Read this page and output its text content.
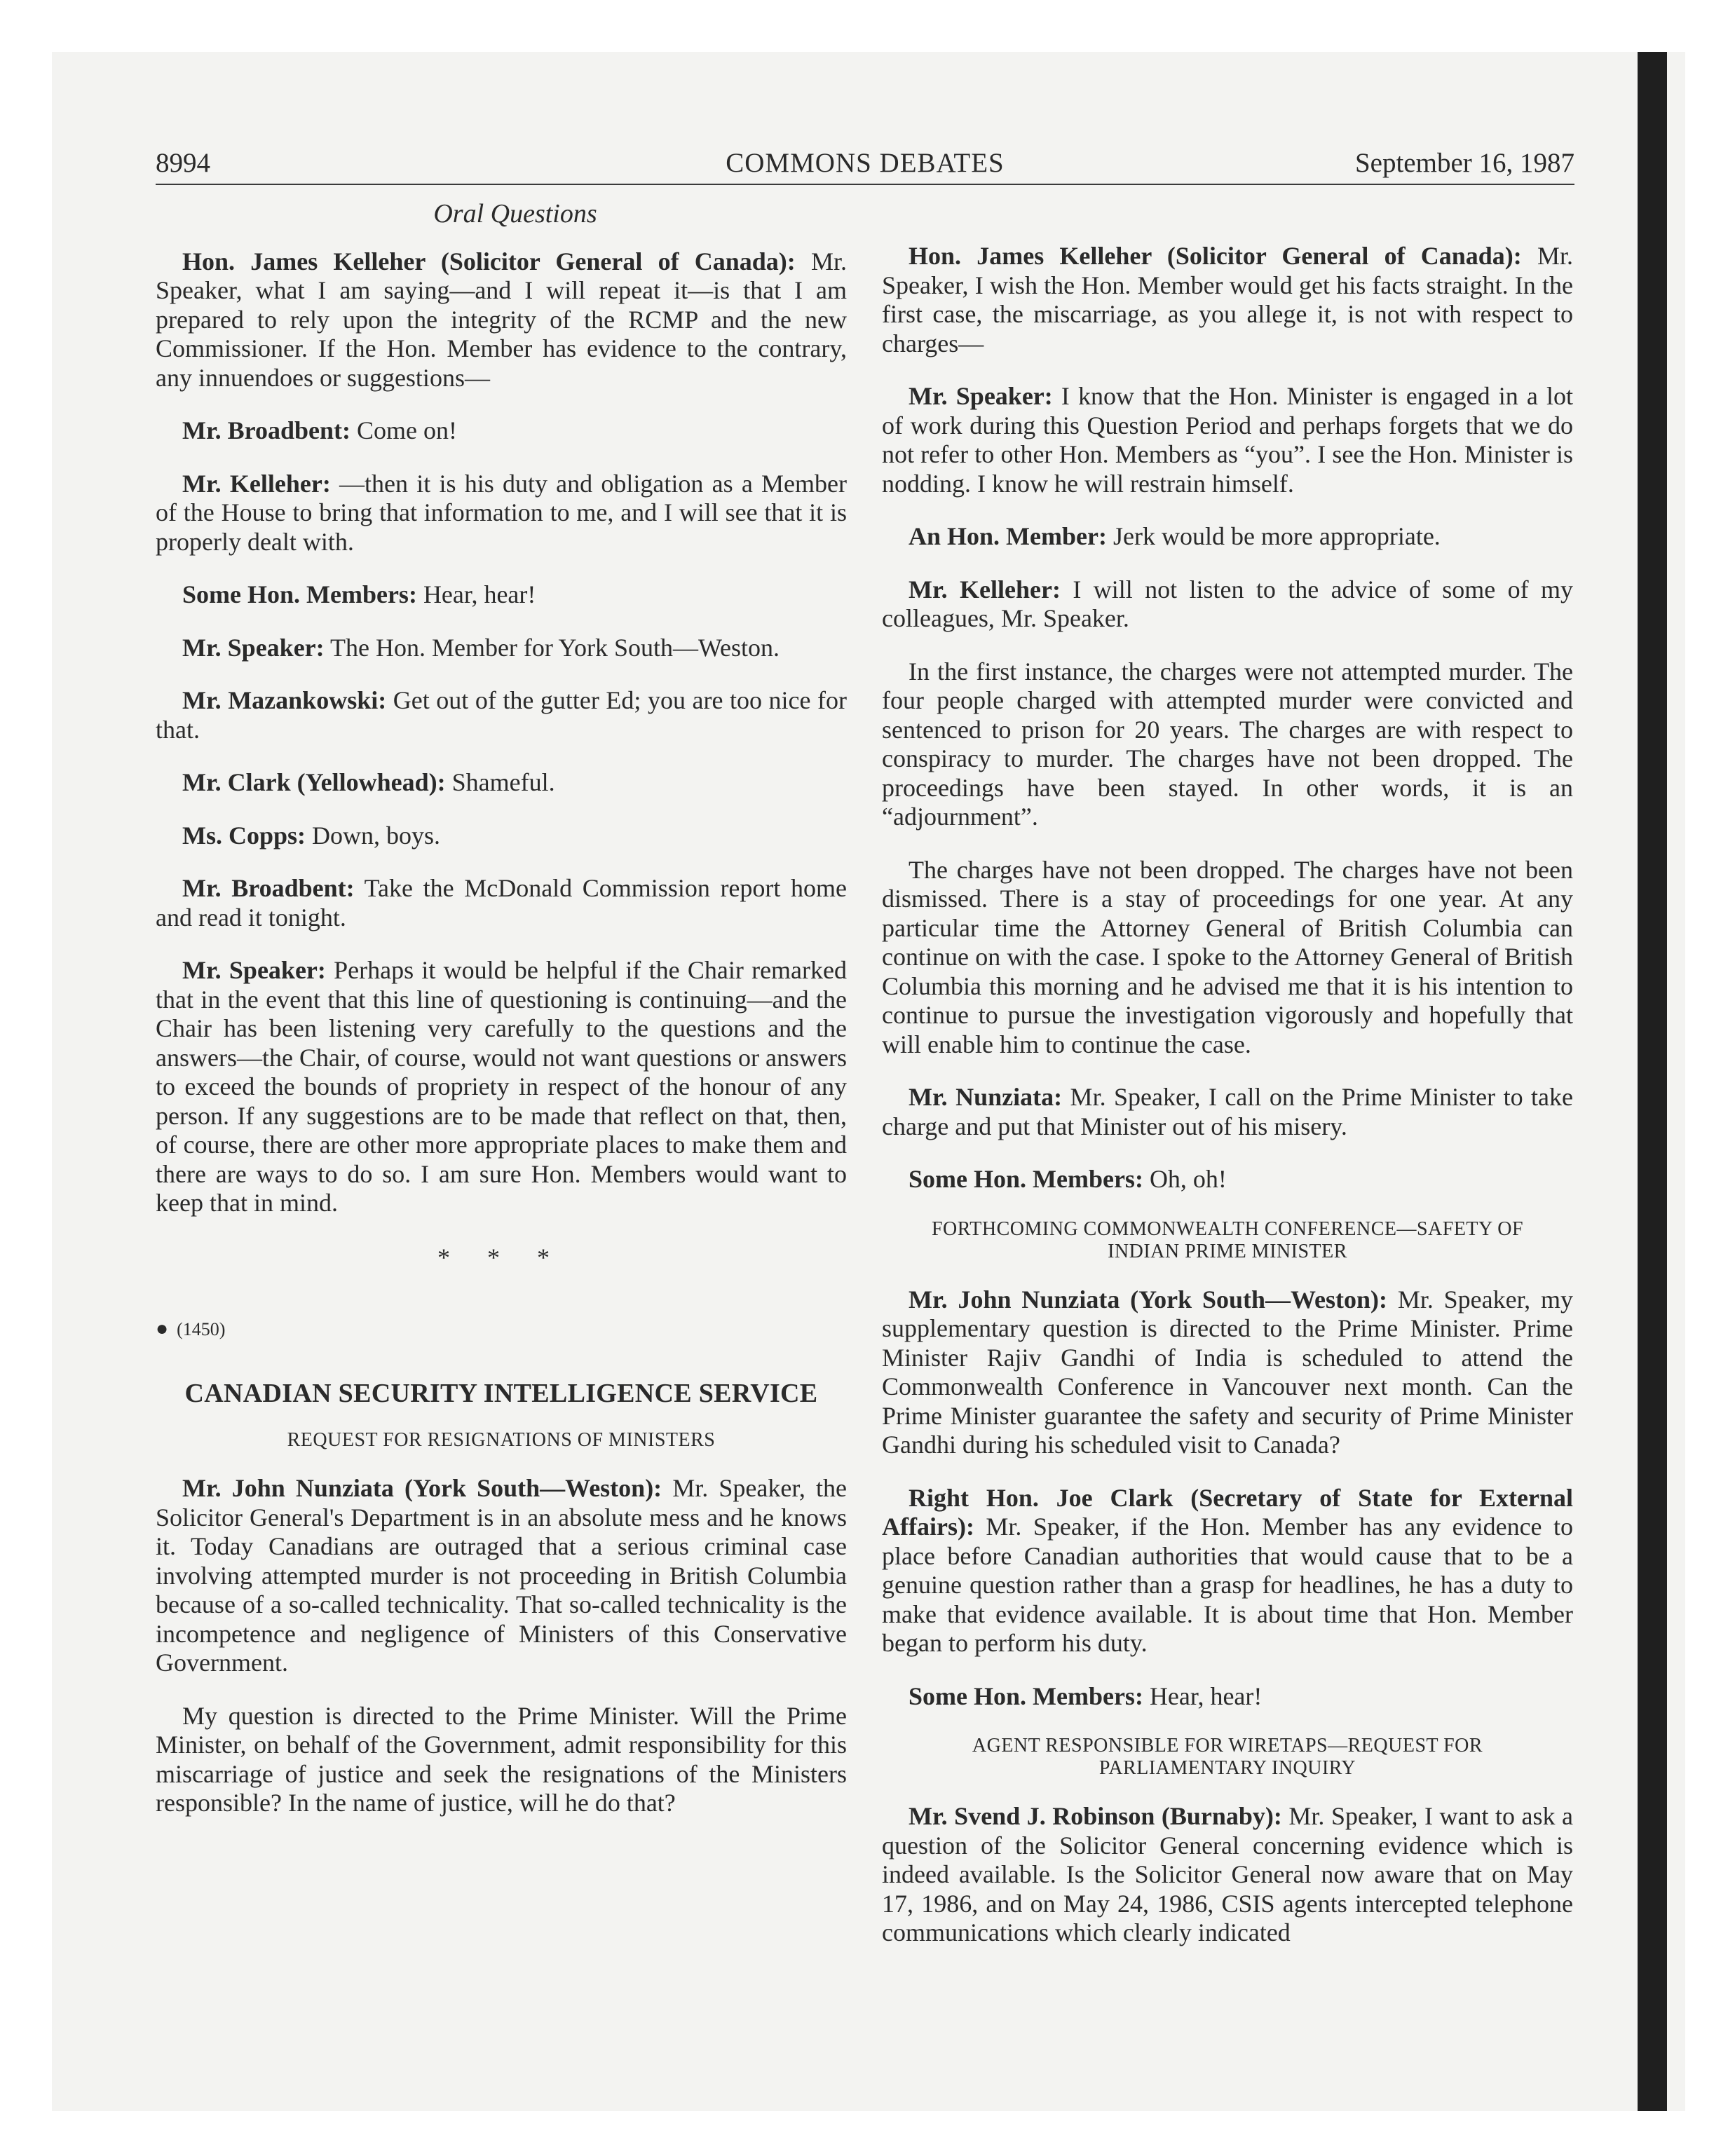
8994	COMMONS DEBATES	September 16, 1987
Oral Questions

Hon. James Kelleher (Solicitor General of Canada): Mr. Speaker, what I am saying—and I will repeat it—is that I am prepared to rely upon the integrity of the RCMP and the new Commissioner. If the Hon. Member has evidence to the contrary, any innuendoes or suggestions—

Mr. Broadbent: Come on!

Mr. Kelleher: —then it is his duty and obligation as a Member of the House to bring that information to me, and I will see that it is properly dealt with.

Some Hon. Members: Hear, hear!

Mr. Speaker: The Hon. Member for York South—Weston.

Mr. Mazankowski: Get out of the gutter Ed; you are too nice for that.

Mr. Clark (Yellowhead): Shameful.

Ms. Copps: Down, boys.

Mr. Broadbent: Take the McDonald Commission report home and read it tonight.

Mr. Speaker: Perhaps it would be helpful if the Chair remarked that in the event that this line of questioning is continuing—and the Chair has been listening very carefully to the questions and the answers—the Chair, of course, would not want questions or answers to exceed the bounds of propriety in respect of the honour of any person. If any suggestions are to be made that reflect on that, then, of course, there are other more appropriate places to make them and there are ways to do so. I am sure Hon. Members would want to keep that in mind.

* * *
● (1450)
CANADIAN SECURITY INTELLIGENCE SERVICE
REQUEST FOR RESIGNATIONS OF MINISTERS

Mr. John Nunziata (York South—Weston): Mr. Speaker, the Solicitor General's Department is in an absolute mess and he knows it. Today Canadians are outraged that a serious criminal case involving attempted murder is not proceeding in British Columbia because of a so-called technicality. That so-called technicality is the incompetence and negligence of Ministers of this Conservative Government.

My question is directed to the Prime Minister. Will the Prime Minister, on behalf of the Government, admit responsibility for this miscarriage of justice and seek the resignations of the Ministers responsible? In the name of justice, will he do that?

Hon. James Kelleher (Solicitor General of Canada): Mr. Speaker, I wish the Hon. Member would get his facts straight. In the first case, the miscarriage, as you allege it, is not with respect to charges—

Mr. Speaker: I know that the Hon. Minister is engaged in a lot of work during this Question Period and perhaps forgets that we do not refer to other Hon. Members as “you”. I see the Hon. Minister is nodding. I know he will restrain himself.

An Hon. Member: Jerk would be more appropriate.

Mr. Kelleher: I will not listen to the advice of some of my colleagues, Mr. Speaker.

In the first instance, the charges were not attempted murder. The four people charged with attempted murder were convicted and sentenced to prison for 20 years. The charges are with respect to conspiracy to murder. The charges have not been dropped. The proceedings have been stayed. In other words, it is an “adjournment”.

The charges have not been dropped. The charges have not been dismissed. There is a stay of proceedings for one year. At any particular time the Attorney General of British Columbia can continue on with the case. I spoke to the Attorney General of British Columbia this morning and he advised me that it is his intention to continue to pursue the investigation vigorously and hopefully that will enable him to continue the case.

Mr. Nunziata: Mr. Speaker, I call on the Prime Minister to take charge and put that Minister out of his misery.

Some Hon. Members: Oh, oh!

FORTHCOMING COMMONWEALTH CONFERENCE—SAFETY OF INDIAN PRIME MINISTER

Mr. John Nunziata (York South—Weston): Mr. Speaker, my supplementary question is directed to the Prime Minister. Prime Minister Rajiv Gandhi of India is scheduled to attend the Commonwealth Conference in Vancouver next month. Can the Prime Minister guarantee the safety and security of Prime Minister Gandhi during his scheduled visit to Canada?

Right Hon. Joe Clark (Secretary of State for External Affairs): Mr. Speaker, if the Hon. Member has any evidence to place before Canadian authorities that would cause that to be a genuine question rather than a grasp for headlines, he has a duty to make that evidence available. It is about time that Hon. Member began to perform his duty.

Some Hon. Members: Hear, hear!

AGENT RESPONSIBLE FOR WIRETAPS—REQUEST FOR PARLIAMENTARY INQUIRY

Mr. Svend J. Robinson (Burnaby): Mr. Speaker, I want to ask a question of the Solicitor General concerning evidence which is indeed available. Is the Solicitor General now aware that on May 17, 1986, and on May 24, 1986, CSIS agents intercepted telephone communications which clearly indicated
